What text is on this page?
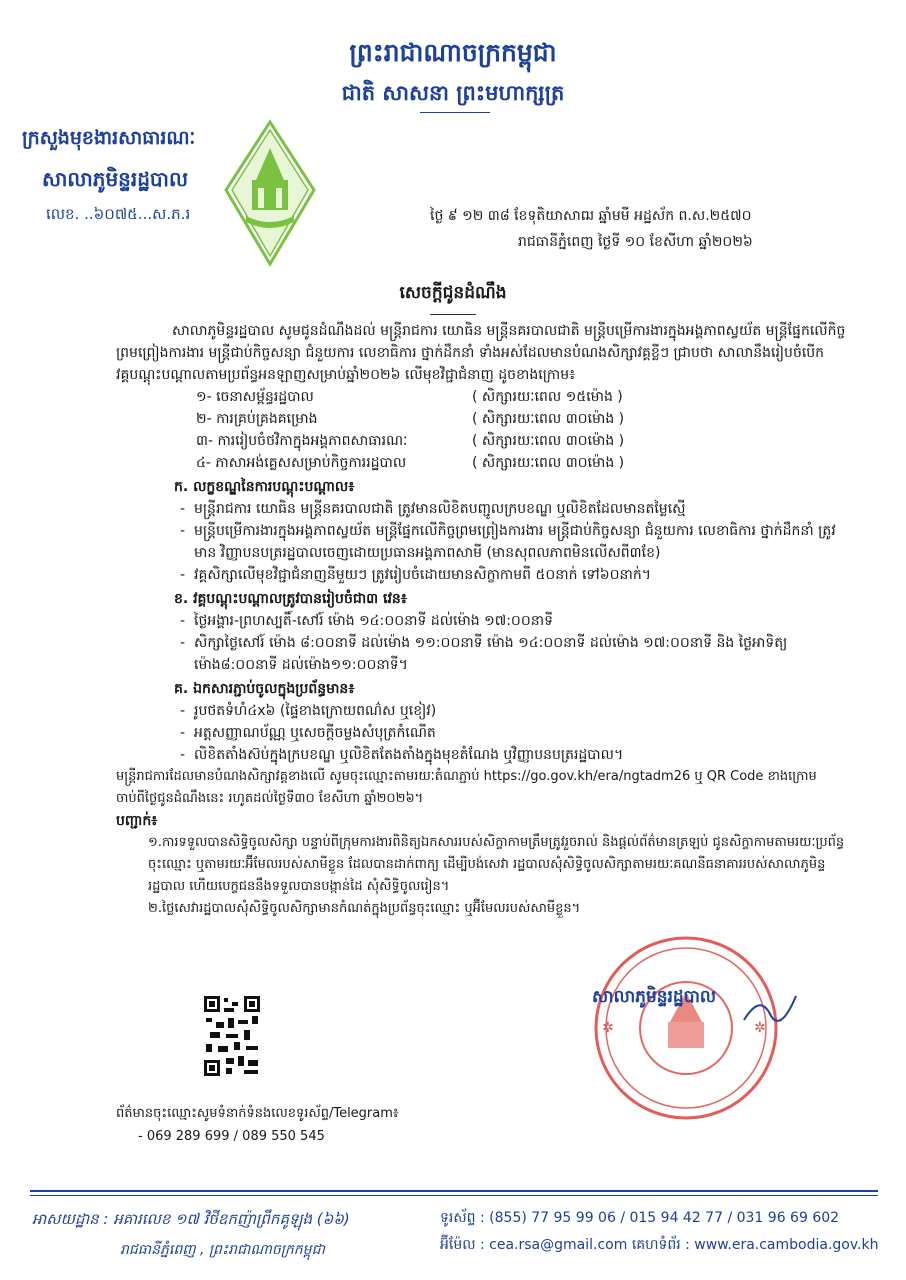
ព្រះរាជាណាចក្រកម្ពុជា
ជាតិ សាសនា ព្រះមហាក្សត្រ
ក្រសួងមុខងារសាធារណៈ
សាលាភូមិន្ទរដ្ឋបាល
លេខ. ..៦០៧៥...ស.ភ.រ	ថ្ងៃ ៩ ១២ ៣៨ ខែទុតិយាសាឍ ឆ្នាំមមី អដ្ឋស័ក ព.ស.២៥៧០
រាជធានីភ្នំពេញ ថ្ងៃទី ១០ ខែសីហា ឆ្នាំ២០២៦
សេចក្តីជូនដំណឹង

សាលាភូមិន្ទរដ្ឋបាល សូមជូនដំណឹងដល់ មន្ត្រីរាជការ យោធិន មន្ត្រីនគរបាលជាតិ មន្ត្រីបម្រើការងារក្នុងអង្គភាពស្វយ័ត មន្ត្រីផ្នែកលើកិច្ចព្រមព្រៀងការងារ មន្ត្រីជាប់កិច្ចសន្យា ជំនួយការ លេខាធិការ ថ្នាក់ដឹកនាំ ទាំងអស់ដែលមានបំណងសិក្សាវគ្គខ្លីៗ ជ្រាបថា សាលានឹងរៀបចំបើកវគ្គបណ្តុះបណ្តាលតាមប្រព័ន្ធអនឡាញសម្រាប់ឆ្នាំ២០២៦ លើមុខវិជ្ជាជំនាញ ដូចខាងក្រោម៖

១- ចេនាសម្ព័ន្ធរដ្ឋបាល	( សិក្សារយៈពេល ១៥ម៉ោង )
២- ការគ្រប់គ្រងគម្រោង	( សិក្សារយៈពេល ៣០ម៉ោង )
៣- ការរៀបចំថវិកាក្នុងអង្គភាពសាធារណៈ	( សិក្សារយៈពេល ៣០ម៉ោង )
៤- ភាសាអង់គ្លេសសម្រាប់កិច្ចការរដ្ឋបាល	( សិក្សារយៈពេល ៣០ម៉ោង )
ក. លក្ខខណ្ឌនៃការបណ្តុះបណ្តាល៖
- មន្ត្រីរាជការ យោធិន មន្ត្រីនគរបាលជាតិ ត្រូវមានលិខិតបញ្ជូលក្របខណ្ឌ ឬលិខិតដែលមានតម្លៃស្មើ
- មន្ត្រីបម្រើការងារក្នុងអង្គភាពស្វយ័ត មន្ត្រីផ្នែកលើកិច្ចព្រមព្រៀងការងារ មន្ត្រីជាប់កិច្ចសន្យា ជំនួយការ លេខាធិការ ថ្នាក់ដឹកនាំ ត្រូវមាន វិញ្ញាបនបត្ររដ្ឋបាលចេញដោយប្រធានអង្គភាពសាមី (មានសុពលភាពមិនលើសពី៣ខែ)
- វគ្គសិក្សាលើមុខវិជ្ជាជំនាញនីមួយៗ ត្រូវរៀបចំដោយមានសិក្ខាកាមពី ៥០នាក់ ទៅ៦០នាក់។
ខ. វគ្គបណ្តុះបណ្តាលត្រូវបានរៀបចំជា៣ វេន៖
- ថ្ងៃអង្គារ-ព្រហស្បតិ៍-សៅរ៍ ម៉ោង ១៤:០០នាទី ដល់ម៉ោង ១៧:០០នាទី
- សិក្សាថ្ងៃសៅរ៍ ម៉ោង ៨:០០នាទី ដល់ម៉ោង ១១:០០នាទី ម៉ោង ១៤:០០នាទី ដល់ម៉ោង ១៧:០០នាទី និង ថ្ងៃអាទិត្យ ម៉ោង៨:០០នាទី ដល់ម៉ោង១១:០០នាទី។
គ. ឯកសារភ្ជាប់ចូលក្នុងប្រព័ន្ធមាន៖
- រូបថតទំហំ៤x៦ (ផ្ទៃខាងក្រោយពណ៌ស ឬខៀវ)
- អត្តសញ្ញាណប័ណ្ណ ឬសេចក្តីចម្លងសំបុត្រកំណើត
- លិខិតតាំងស៊ប់ក្នុងក្របខណ្ឌ ឬលិខិតតែងតាំងក្នុងមុខតំណែង ឬវិញ្ញាបនបត្ររដ្ឋបាល។

មន្ត្រីរាជការដែលមានបំណងសិក្សាវគ្គខាងលើ សូមចុះឈ្មោះតាមរយៈតំណភ្ជាប់ https://go.gov.kh/era/ngtadm26 ឬ QR Code ខាងក្រោម ចាប់ពីថ្ងៃជូនដំណឹងនេះ រហូតដល់ថ្ងៃទី៣០ ខែសីហា ឆ្នាំ២០២៦។

បញ្ជាក់៖

១.ការទទួលបានសិទ្ធិចូលសិក្សា បន្ទាប់ពីក្រុមការងារពិនិត្យឯកសាររបស់សិក្ខាកាមត្រឹមត្រូវរួចរាល់ និងផ្តល់ព័ត៌មានត្រឡប់ ជូនសិក្ខាកាមតាមរយៈប្រព័ន្ធចុះឈ្មោះ ឬតាមរយៈអ៊ីមែលរបស់សាមីខ្លួន ដែលបានដាក់ពាក្យ ដើម្បីបង់សេវា រដ្ឋបាលសុំសិទ្ធិចូលសិក្សាតាមរយៈគណនីធនាគាររបស់សាលាភូមិន្ទរដ្ឋបាល ហើយបេក្ខជននឹងទទួលបានបង្កាន់ដៃ សុំសិទ្ធិចូលរៀន។

២.ថ្លៃសេវារដ្ឋបាលសុំសិទ្ធិចូលសិក្សាមានកំណត់ក្នុងប្រព័ន្ធចុះឈ្មោះ ឬអ៊ីមែលរបស់សាមីខ្លួន។

✲	✲
សាលាភូមិន្ទរដ្ឋបាល
ព័ត៌មានចុះឈ្មោះសូមទំនាក់ទំនងលេខទូរស័ព្ទ/Telegram៖
- 069 289 699 / 089 550 545
អាសយដ្ឋាន : អគារលេខ ១៧ វិថីឧកញ៉ាព្រឹកគូឡុង (៦៦)
រាជធានីភ្នំពេញ , ព្រះរាជាណាចក្រកម្ពុជា
ទូរស័ព្ទ : (855) 77 95 99 06 / 015 94 42 77 / 031 96 69 602
អ៊ីម៉ែល : cea.rsa@gmail.com គេហទំព័រ : www.era.cambodia.gov.kh
